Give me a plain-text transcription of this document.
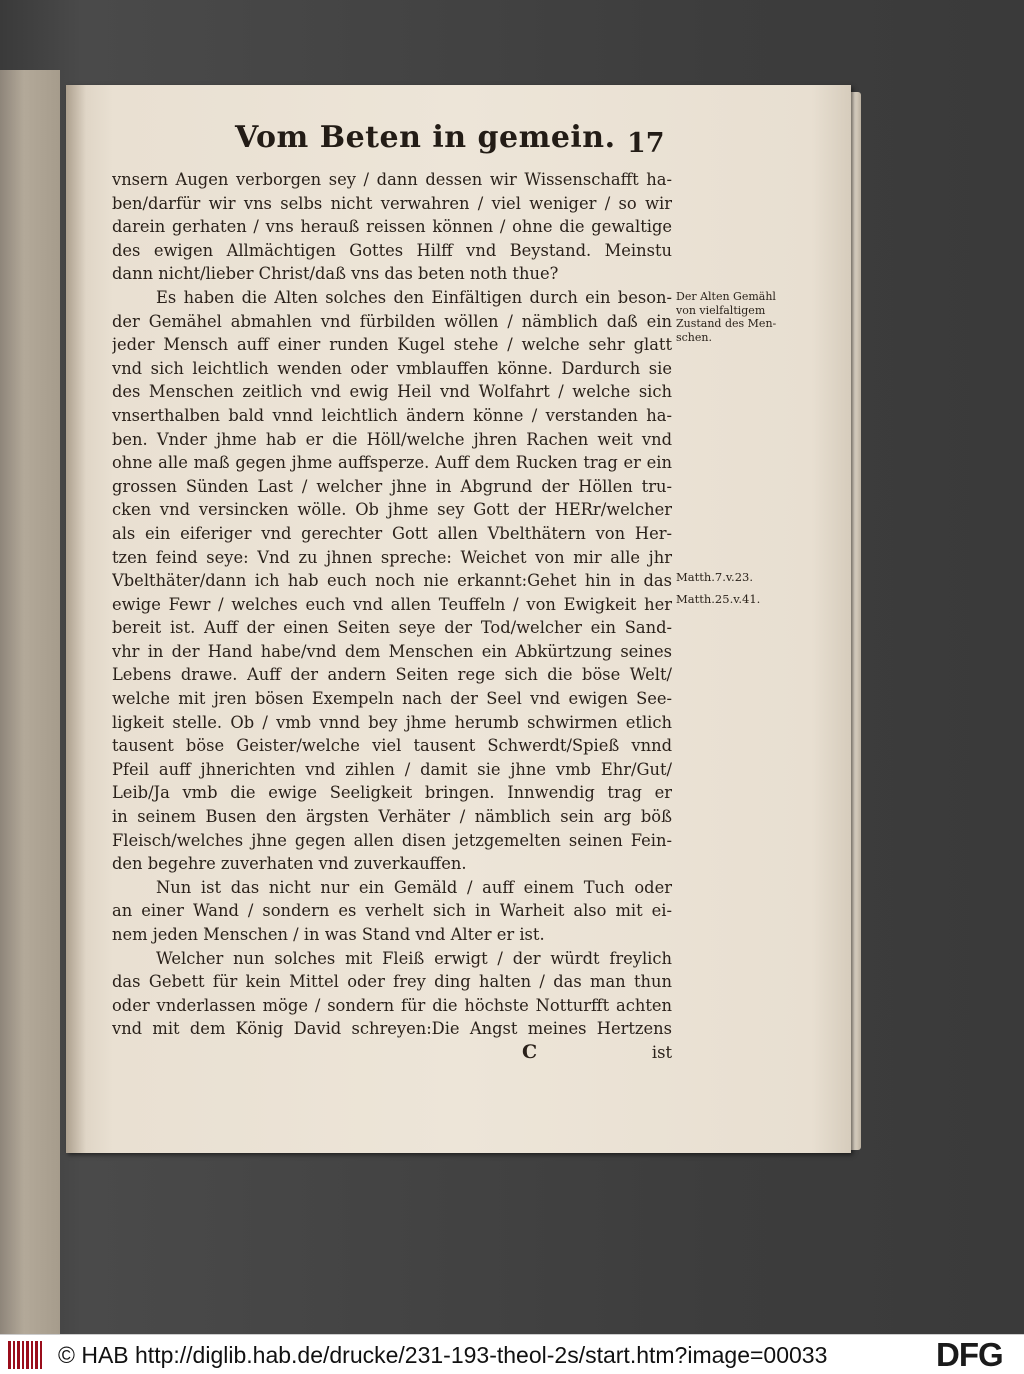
Vom Beten in gemein. 17
vnsern Augen verborgen sey / dann dessen wir Wissenschafft ha-
ben/darfür wir vns selbs nicht verwahren / viel weniger / so wir
darein gerhaten / vns herauß reissen können / ohne die gewaltige
des ewigen Allmächtigen Gottes Hilff vnd Beystand. Meinstu
dann nicht/lieber Christ/daß vns das beten noth thue?
Es haben die Alten solches den Einfältigen durch ein beson-
der Gemähel abmahlen vnd fürbilden wöllen / nämblich daß ein
jeder Mensch auff einer runden Kugel stehe / welche sehr glatt
vnd sich leichtlich wenden oder vmblauffen könne. Dardurch sie
des Menschen zeitlich vnd ewig Heil vnd Wolfahrt / welche sich
vnserthalben bald vnnd leichtlich ändern könne / verstanden ha-
ben. Vnder jhme hab er die Höll/welche jhren Rachen weit vnd
ohne alle maß gegen jhme auffsperze. Auff dem Rucken trag er ein
grossen Sünden Last / welcher jhne in Abgrund der Höllen tru-
cken vnd versincken wölle. Ob jhme sey Gott der HERr/welcher
als ein eiferiger vnd gerechter Gott allen Vbelthätern von Her-
tzen feind seye: Vnd zu jhnen spreche: Weichet von mir alle jhr
Vbelthäter/dann ich hab euch noch nie erkannt:Gehet hin in das
ewige Fewr / welches euch vnd allen Teuffeln / von Ewigkeit her
bereit ist. Auff der einen Seiten seye der Tod/welcher ein Sand-
vhr in der Hand habe/vnd dem Menschen ein Abkürtzung seines
Lebens drawe. Auff der andern Seiten rege sich die böse Welt/
welche mit jren bösen Exempeln nach der Seel vnd ewigen See-
ligkeit stelle. Ob / vmb vnnd bey jhme herumb schwirmen etlich
tausent böse Geister/welche viel tausent Schwerdt/Spieß vnnd
Pfeil auff jhnerichten vnd zihlen / damit sie jhne vmb Ehr/Gut/
Leib/Ja vmb die ewige Seeligkeit bringen. Innwendig trag er
in seinem Busen den ärgsten Verhäter / nämblich sein arg böß
Fleisch/welches jhne gegen allen disen jetzgemelten seinen Fein-
den begehre zuverhaten vnd zuverkauffen.
Nun ist das nicht nur ein Gemäld / auff einem Tuch oder
an einer Wand / sondern es verhelt sich in Warheit also mit ei-
nem jeden Menschen / in was Stand vnd Alter er ist.
Welcher nun solches mit Fleiß erwigt / der würdt freylich
das Gebett für kein Mittel oder frey ding halten / das man thun
oder vnderlassen möge / sondern für die höchste Notturfft achten
vnd mit dem König David schreyen:Die Angst meines Hertzens
C	ist
Der Alten Gemähl
von vielfaltigem
Zustand des Men-
schen.
Matth.7.v.23.
Matth.25.v.41.
© HAB http://diglib.hab.de/drucke/231-193-theol-2s/start.htm?image=00033	DFG
